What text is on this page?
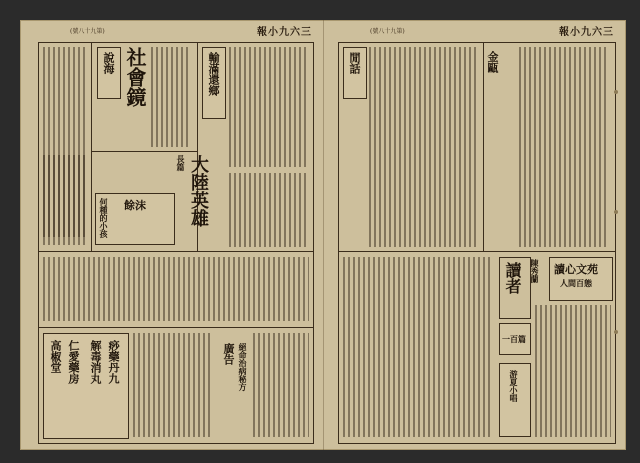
(號八十九第)	報小九六三	(號八十九第)	報小九六三
說海 社會鏡	輸滿還鄉
長篇 大陸英雄
餘沫
何種的小孩
痧藥丹九
解毒消丸
仁愛藥房
高椒堂	廣告 絕命治病秘方
閒話	金甌
讀者 陳秀蘭
一百篇
讀心文苑
人間百態
游夏小唱
